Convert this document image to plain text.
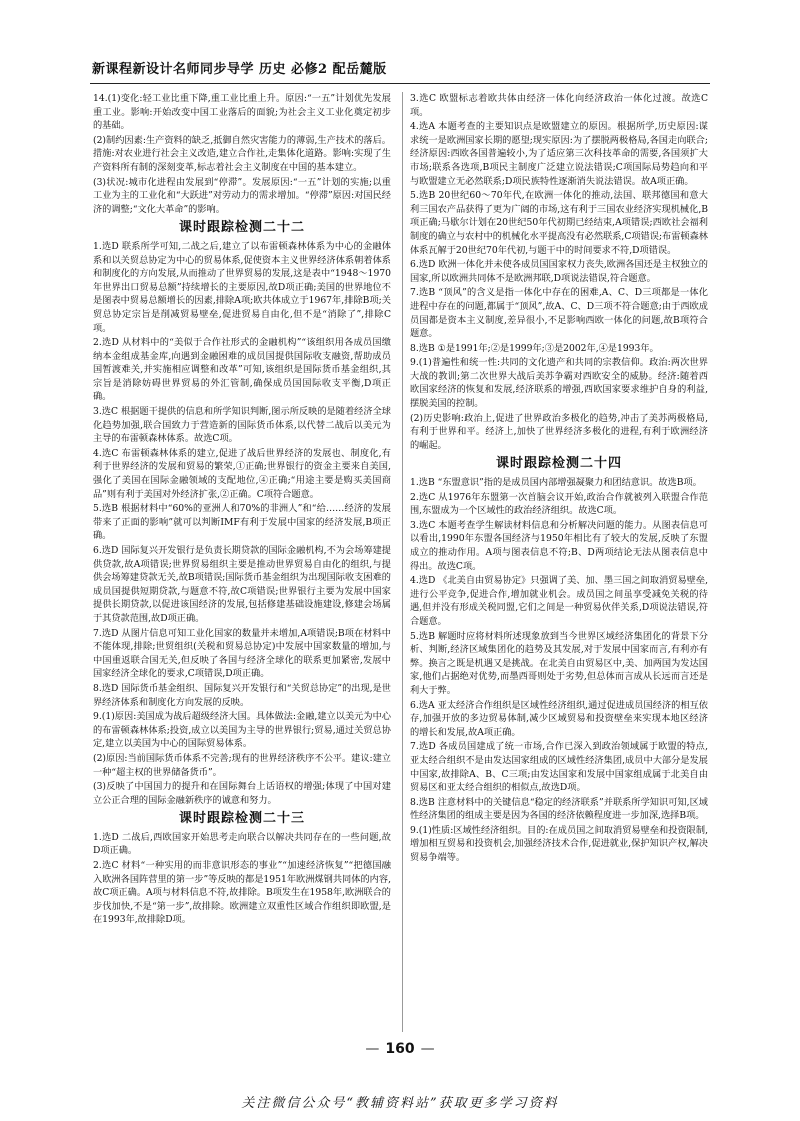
新课程新设计名师同步导学 历史 必修2 配岳麓版
14.(1)变化:轻工业比重下降,重工业比重上升。原因:“一五”计划优先发展重工业。影响:开始改变中国工业落后的面貌;为社会主义工业化奠定初步的基础。
(2)制约因素:生产资料的缺乏,抵御自然灾害能力的薄弱,生产技术的落后。措施:对农业进行社会主义改造,建立合作社,走集体化道路。影响:实现了生产资料所有制的深刻变革,标志着社会主义制度在中国的基本建立。
(3)状况:城市化进程由发展到“停滞”。发展原因:“一五”计划的实施;以重工业为主的工业化和“大跃进”对劳动力的需求增加。“停滞”原因:对国民经济的调整;“文化大革命”的影响。
课时跟踪检测二十二
1.选D 联系所学可知,二战之后,建立了以布雷顿森林体系为中心的金融体系和以关贸总协定为中心的贸易体系,促使资本主义世界经济体系朝着体系和制度化的方向发展,从而推动了世界贸易的发展,这是表中“1948～1970年世界出口贸易总额”持续增长的主要原因,故D项正确;美国的世界地位不是图表中贸易总额增长的因素,排除A项;欧共体成立于1967年,排除B项;关贸总协定宗旨是削减贸易壁垒,促进贸易自由化,但不是“消除了”,排除C项。
2.选D 从材料中的“美似于合作社形式的金融机构”“该组织用各成员国缴纳本金组成基金库,向遇到金融困难的成员国提供国际收支融资,帮助成员国暂渡难关,并实施相应调整和改革”可知,该组织是国际货币基金组织,其宗旨是消除妨碍世界贸易的外汇管制,确保成员国国际收支平衡,D项正确。
3.选C 根据题干提供的信息和所学知识判断,图示所反映的是随着经济全球化趋势加强,联合国致力于营造新的国际货币体系,以代替二战后以美元为主导的布雷顿森林体系。故选C项。
4.选C 布雷顿森林体系的建立,促进了战后世界经济的发展也、制度化,有利于世界经济的发展和贸易的繁荣,①正确;世界银行的资金主要来自美国,强化了美国在国际金融领域的支配地位,④正确;“用途主要是购买美国商品”则有利于美国对外经济扩张,②正确。C项符合题意。
5.选B 根据材料中“60%的亚洲人和70%的非洲人”和“给……经济的发展带来了正面的影响”就可以判断IMF有利于发展中国家的经济发展,B项正确。
6.选D 国际复兴开发银行是负责长期贷款的国际金融机构,不为会场筹建提供贷款,故A项错误;世界贸易组织主要是推动世界贸易自由化的组织,与提供会场筹建贷款无关,故B项错误;国际货币基金组织为出现国际收支困难的成员国提供短期贷款,与题意不符,故C项错误;世界银行主要为发展中国家提供长期贷款,以促进该国经济的发展,包括修建基础设施建设,修建会场属于其贷款范围,故D项正确。
7.选D 从图片信息可知工业化国家的数量并未增加,A项错误;B项在材料中不能体现,排除;世贸组织(关税和贸易总协定)中发展中国家数量的增加,与中国重返联合国无关,但反映了各国与经济全球化的联系更加紧密,发展中国家经济全球化的要求,C项错误,D项正确。
8.选D 国际货币基金组织、国际复兴开发银行和“关贸总协定”的出现,是世界经济体系和制度化方向发展的反映。
9.(1)原因:美国成为战后超级经济大国。具体做法:金融,建立以美元为中心的布雷顿森林体系;投资,成立以美国为主导的世界银行;贸易,通过关贸总协定,建立以美国为中心的国际贸易体系。
(2)原因:当前国际货币体系不完善;现有的世界经济秩序不公平。建议:建立一种“超主权的世界储备货币”。
(3)反映了中国国力的提升和在国际舞台上话语权的增强;体现了中国对建立公正合理的国际金融新秩序的诚意和努力。
课时跟踪检测二十三
1.选D 二战后,西欧国家开始思考走向联合以解决共同存在的一些问题,故D项正确。
2.选C 材料“一种实用的而非意识形态的事业”“加速经济恢复”“把德国融入欧洲各国阵营里的第一步”等反映的都是1951年欧洲煤钢共同体的内容,故C项正确。A项与材料信息不符,故排除。B项发生在1958年,欧洲联合的步伐加快,不是“第一步”,故排除。欧洲建立双重性区域合作组织即欧盟,是在1993年,故排除D项。
3.选C 欧盟标志着欧共体由经济一体化向经济政治一体化过渡。故选C项。
4.选A 本题考查的主要知识点是欧盟建立的原因。根据所学,历史原因:谋求统一是欧洲国家长期的愿望;现实原因:为了摆脱两极格局,各国走向联合;经济原因:西欧各国普遍较小,为了适应第三次科技革命的需要,各国须扩大市场;联系各选项,B项民主制度广泛建立说法错误;C项国际局势趋向和平与欧盟建立无必然联系;D项民族特性逐渐消失说法错误。故A项正确。
5.选B 20世纪60～70年代,在欧洲一体化的推动,法国、联邦德国和意大利三国农产品获得了更为广阔的市场,这有利于三国农业经济实现机械化,B项正确;马歇尔计划在20世纪50年代初期已经结束,A项错误;西欧社会福利制度的确立与农村中的机械化水平提高没有必然联系,C项错误;布雷顿森林体系瓦解于20世纪70年代初,与题干中的时间要求不符,D项错误。
6.选D 欧洲一体化并未使各成员国国家权力丧失,欧洲各国还是主权独立的国家,所以欧洲共同体不是欧洲邦联,D项说法错误,符合题意。
7.选B “顶风”的含义是指一体化中存在的困难,A、C、D三项都是一体化进程中存在的问题,都属于“顶风”,故A、C、D三项不符合题意;由于西欧成员国都是资本主义制度,差异很小,不足影响西欧一体化的问题,故B项符合题意。
8.选B ①是1991年;②是1999年;③是2002年,④是1993年。
9.(1)普遍性和统一性:共同的文化遗产和共同的宗教信仰。政治:两次世界大战的教训;第二次世界大战后美苏争霸对西欧安全的威胁。经济:随着西欧国家经济的恢复和发展,经济联系的增强,西欧国家要求维护自身的利益,摆脱美国的控制。
(2)历史影响:政治上,促进了世界政治多极化的趋势,冲击了美苏两极格局,有利于世界和平。经济上,加快了世界经济多极化的进程,有利于欧洲经济的崛起。
课时跟踪检测二十四
1.选B “东盟意识”指的是成员国内部增强凝聚力和团结意识。故选B项。
2.选C 从1976年东盟第一次首脑会议开始,政治合作就被列入联盟合作范围,东盟成为一个区域性的政治经济组织。故选C项。
3.选C 本题考查学生解读材料信息和分析解决问题的能力。从图表信息可以看出,1990年东盟各国经济与1950年相比有了较大的发展,反映了东盟成立的推动作用。A项与图表信息不符;B、D两项结论无法从图表信息中得出。故选C项。
4.选D 《北美自由贸易协定》只强调了美、加、墨三国之间取消贸易壁垒,进行公平竞争,促进合作,增加就业机会。成员国之间虽享受减免关税的待遇,但并没有形成关税同盟,它们之间是一种贸易伙伴关系,D项说法错误,符合题意。
5.选B 解题时应将材料所述现象放到当今世界区域经济集团化的背景下分析、判断,经济区域集团化的趋势及其发展,对于发展中国家而言,有利亦有弊。换言之既是机遇又是挑战。在北美自由贸易区中,美、加两国为发达国家,他们占据绝对优势,而墨西哥则处于劣势,但总体而言成从长远而言还是利大于弊。
6.选A 亚太经济合作组织是区域性经济组织,通过促进成员国经济的相互依存,加强开放的多边贸易体制,减少区域贸易和投资壁垒来实现本地区经济的增长和发展,故A项正确。
7.选D 各成员国建成了统一市场,合作已深入到政治领域属于欧盟的特点,亚太经合组织不是由发达国家组成的区域性经济集团,成员中大部分是发展中国家,故排除A、B、C三项;由发达国家和发展中国家组成属于北美自由贸易区和亚太经合组织的相似点,故选D项。
8.选B 注意材料中的关键信息“稳定的经济联系”并联系所学知识可知,区域性经济集团的组成主要是因为各国的经济依赖程度进一步加深,选择B项。
9.(1)性质:区域性经济组织。目的:在成员国之间取消贸易壁垒和投资限制,增加相互贸易和投资机会,加强经济技术合作,促进就业,保护知识产权,解决贸易争端等。
— 160 —
关注微信公众号“教辅资料站”获取更多学习资料
